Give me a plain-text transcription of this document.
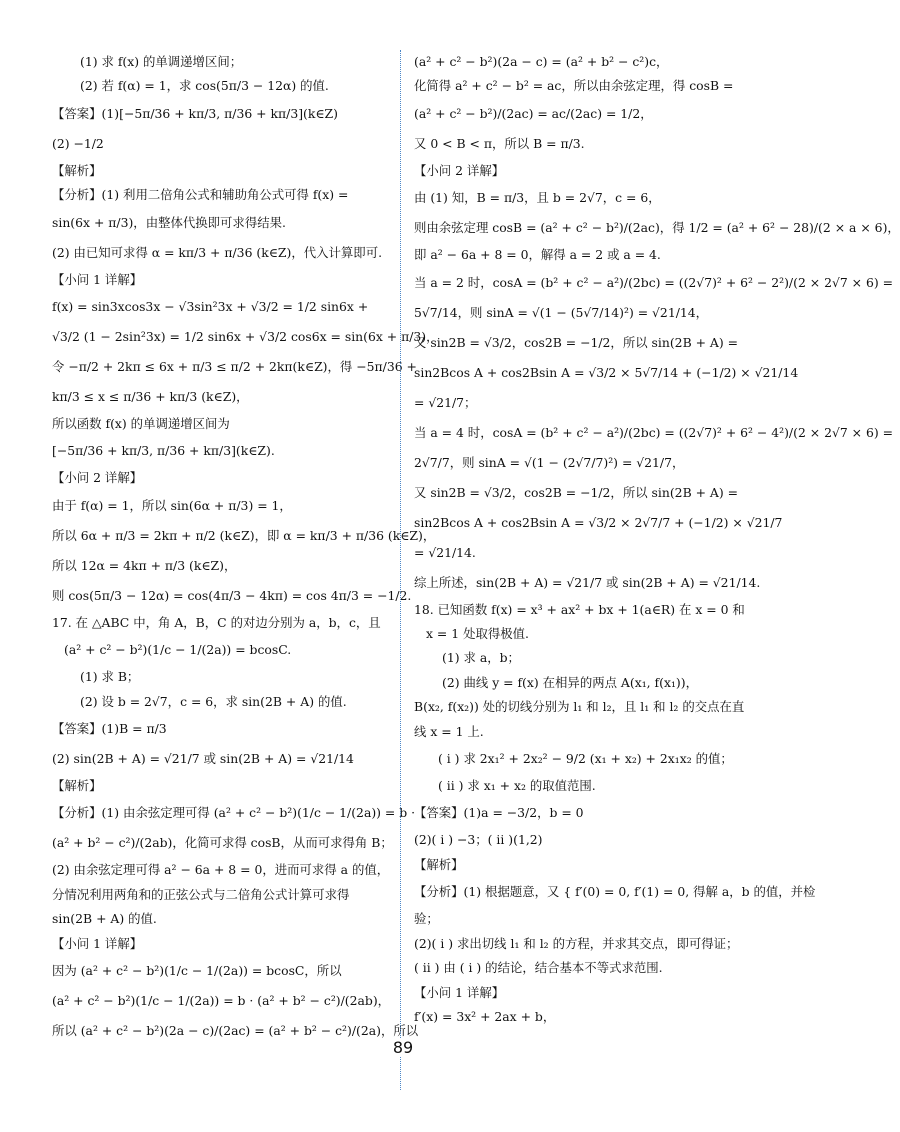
(1) 求 f(x) 的单调递增区间；
(2) 若 f(α) = 1，求 cos(5π/3 − 12α) 的值.
【答案】(1)[−5π/36 + kπ/3, π/36 + kπ/3](k∈Z)
(2) −1/2
【解析】
【分析】(1) 利用二倍角公式和辅助角公式可得 f(x) =
sin(6x + π/3)，由整体代换即可求得结果.
(2) 由已知可求得 α = kπ/3 + π/36 (k∈Z)，代入计算即可.
【小问 1 详解】
f(x) = sin3xcos3x − √3sin²3x + √3/2 = 1/2 sin6x +
√3/2 (1 − 2sin²3x) = 1/2 sin6x + √3/2 cos6x = sin(6x + π/3)，
令 −π/2 + 2kπ ≤ 6x + π/3 ≤ π/2 + 2kπ(k∈Z)，得 −5π/36 +
kπ/3 ≤ x ≤ π/36 + kπ/3 (k∈Z)，
所以函数 f(x) 的单调递增区间为
[−5π/36 + kπ/3, π/36 + kπ/3](k∈Z).
【小问 2 详解】
由于 f(α) = 1，所以 sin(6α + π/3) = 1，
所以 6α + π/3 = 2kπ + π/2 (k∈Z)，即 α = kπ/3 + π/36 (k∈Z)，
所以 12α = 4kπ + π/3 (k∈Z)，
则 cos(5π/3 − 12α) = cos(4π/3 − 4kπ) = cos 4π/3 = −1/2.
17. 在 △ABC 中，角 A，B，C 的对边分别为 a，b，c，且
(a² + c² − b²)(1/c − 1/(2a)) = bcosC.
(1) 求 B；
(2) 设 b = 2√7，c = 6，求 sin(2B + A) 的值.
【答案】(1)B = π/3
(2) sin(2B + A) = √21/7 或 sin(2B + A) = √21/14
【解析】
【分析】(1) 由余弦定理可得 (a² + c² − b²)(1/c − 1/(2a)) = b ·
(a² + b² − c²)/(2ab)，化简可求得 cosB，从而可求得角 B；
(2) 由余弦定理可得 a² − 6a + 8 = 0，进而可求得 a 的值，
分情况利用两角和的正弦公式与二倍角公式计算可求得
sin(2B + A) 的值.
【小问 1 详解】
因为 (a² + c² − b²)(1/c − 1/(2a)) = bcosC，所以
(a² + c² − b²)(1/c − 1/(2a)) = b · (a² + b² − c²)/(2ab)，
所以 (a² + c² − b²)(2a − c)/(2ac) = (a² + b² − c²)/(2a)，所以
(a² + c² − b²)(2a − c) = (a² + b² − c²)c，
化简得 a² + c² − b² = ac，所以由余弦定理，得 cosB =
(a² + c² − b²)/(2ac) = ac/(2ac) = 1/2，
又 0 < B < π，所以 B = π/3.
【小问 2 详解】
由 (1) 知，B = π/3，且 b = 2√7，c = 6，
则由余弦定理 cosB = (a² + c² − b²)/(2ac)，得 1/2 = (a² + 6² − 28)/(2 × a × 6)，
即 a² − 6a + 8 = 0，解得 a = 2 或 a = 4.
当 a = 2 时，cosA = (b² + c² − a²)/(2bc) = ((2√7)² + 6² − 2²)/(2 × 2√7 × 6) =
5√7/14，则 sinA = √(1 − (5√7/14)²) = √21/14，
又 sin2B = √3/2，cos2B = −1/2，所以 sin(2B + A) =
sin2Bcos A + cos2Bsin A = √3/2 × 5√7/14 + (−1/2) × √21/14
= √21/7；
当 a = 4 时，cosA = (b² + c² − a²)/(2bc) = ((2√7)² + 6² − 4²)/(2 × 2√7 × 6) =
2√7/7，则 sinA = √(1 − (2√7/7)²) = √21/7，
又 sin2B = √3/2，cos2B = −1/2，所以 sin(2B + A) =
sin2Bcos A + cos2Bsin A = √3/2 × 2√7/7 + (−1/2) × √21/7
= √21/14.
综上所述，sin(2B + A) = √21/7 或 sin(2B + A) = √21/14.
18. 已知函数 f(x) = x³ + ax² + bx + 1(a∈R) 在 x = 0 和
x = 1 处取得极值.
(1) 求 a，b；
(2) 曲线 y = f(x) 在相异的两点 A(x₁, f(x₁))，
B(x₂, f(x₂)) 处的切线分别为 l₁ 和 l₂，且 l₁ 和 l₂ 的交点在直
线 x = 1 上.
( i ) 求 2x₁² + 2x₂² − 9/2 (x₁ + x₂) + 2x₁x₂ 的值；
( ii ) 求 x₁ + x₂ 的取值范围.
【答案】(1)a = −3/2，b = 0
(2)( i ) −3；( ii )(1,2)
【解析】
【分析】(1) 根据题意，又 { f′(0) = 0, f′(1) = 0, 得解 a，b 的值，并检
验；
(2)( i ) 求出切线 l₁ 和 l₂ 的方程，并求其交点，即可得证；
( ii ) 由 ( i ) 的结论，结合基本不等式求范围.
【小问 1 详解】
f′(x) = 3x² + 2ax + b，
89
